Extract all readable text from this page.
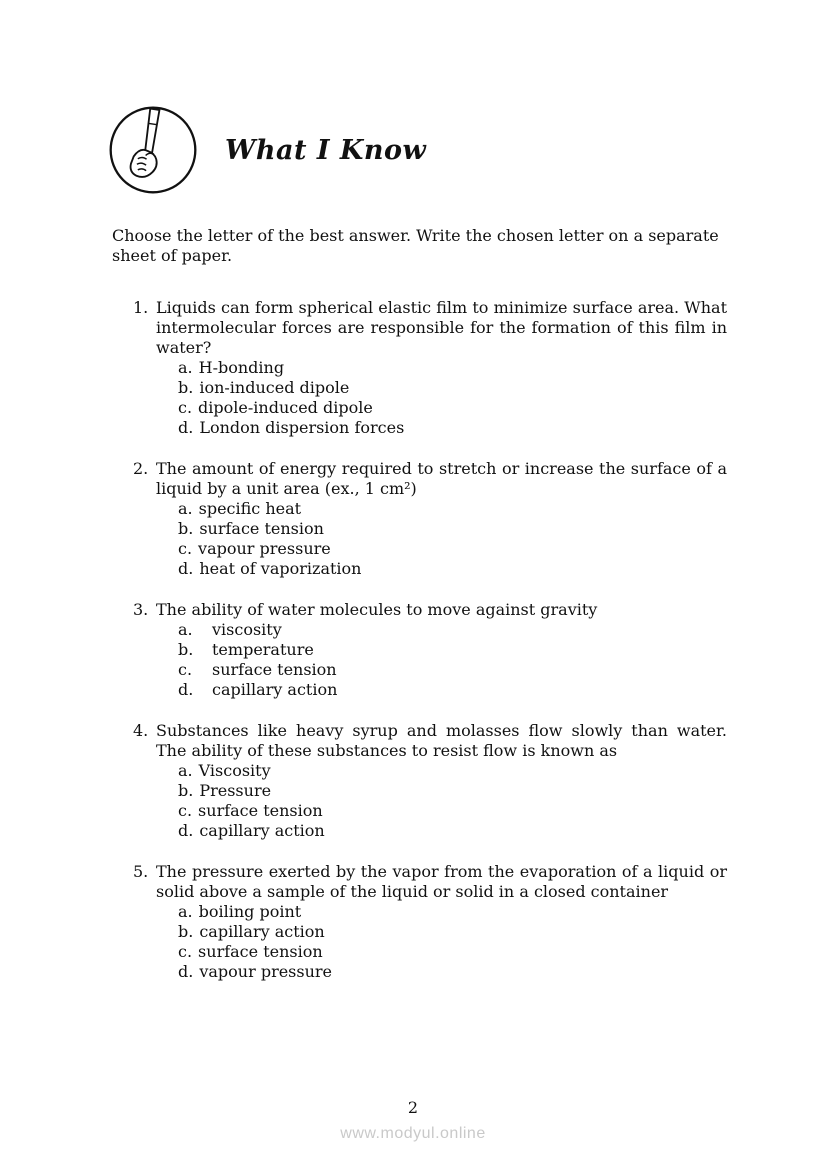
What I Know
Choose the letter of the best answer. Write the chosen letter on a separate sheet of paper.
1. Liquids can form spherical elastic film to minimize surface area. What intermolecular forces are responsible for the formation of this film in water?
a. H-bonding
b. ion-induced dipole
c. dipole-induced dipole
d. London dispersion forces
2. The amount of energy required to stretch or increase the surface of a liquid by a unit area (ex., 1 cm²)
a. specific heat
b. surface tension
c. vapour pressure
d. heat of vaporization
3. The ability of water molecules to move against gravity
a.	viscosity
b.	temperature
c.	surface tension
d.	capillary action
4. Substances like heavy syrup and molasses flow slowly than water. The ability of these substances to resist flow is known as
a. Viscosity
b. Pressure
c. surface tension
d. capillary action
5. The pressure exerted by the vapor from the evaporation of a liquid or solid above a sample of the liquid or solid in a closed container
a. boiling point
b. capillary action
c. surface tension
d. vapour pressure
2
www.modyul.online
